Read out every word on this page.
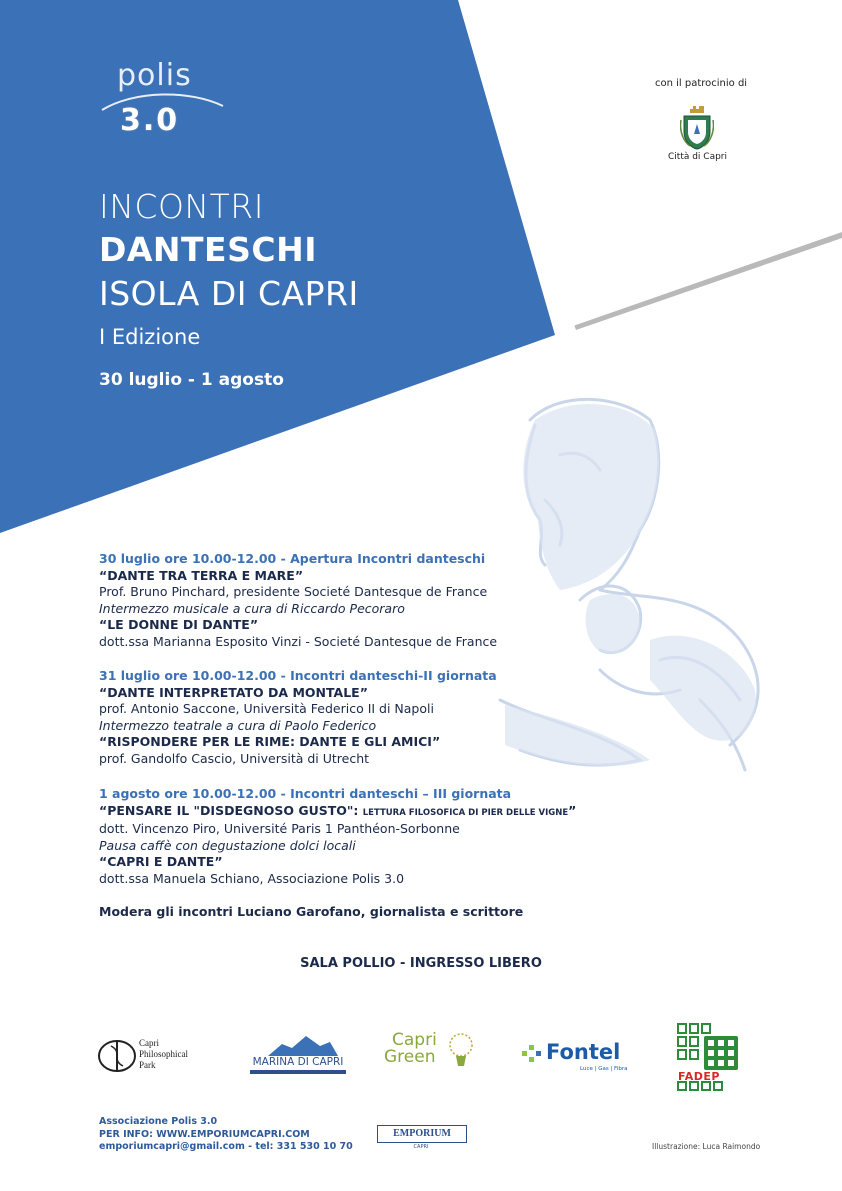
polis
3.0
INCONTRI
DANTESCHI
ISOLA DI CAPRI
I Edizione
30 luglio - 1 agosto
con il patrocinio di
Città di Capri
30 luglio ore 10.00-12.00 - Apertura Incontri danteschi
“DANTE TRA TERRA E MARE”
Prof. Bruno Pinchard, presidente Societé Dantesque de France
Intermezzo musicale a cura di Riccardo Pecoraro
“LE DONNE DI DANTE”
dott.ssa Marianna Esposito Vinzi - Societé Dantesque de France
31 luglio ore 10.00-12.00 - Incontri danteschi-II giornata
“DANTE INTERPRETATO DA MONTALE”
prof. Antonio Saccone, Università Federico II di Napoli
Intermezzo teatrale a cura di Paolo Federico
“RISPONDERE PER LE RIME: DANTE E GLI AMICI”
prof. Gandolfo Cascio, Università di Utrecht
1 agosto ore 10.00-12.00 - Incontri danteschi – III giornata
“PENSARE IL "DISDEGNOSO GUSTO": LETTURA FILOSOFICA DI PIER DELLE VIGNE”
dott. Vincenzo Piro, Université Paris 1 Panthéon-Sorbonne
Pausa caffè con degustazione dolci locali
“CAPRI E DANTE”
dott.ssa Manuela Schiano, Associazione Polis 3.0
Modera gli incontri Luciano Garofano, giornalista e scrittore
SALA POLLIO - INGRESSO LIBERO
Capri
Philosophical
Park	MARINA DI CAPRI
Capri
Green	Fontel
Luce | Gas | Fibra
FADEP
Associazione Polis 3.0
PER INFO: WWW.EMPORIUMCAPRI.COM
emporiumcapri@gmail.com - tel: 331 530 10 70
EMPORIUM
CAPRI	Illustrazione: Luca Raimondo
